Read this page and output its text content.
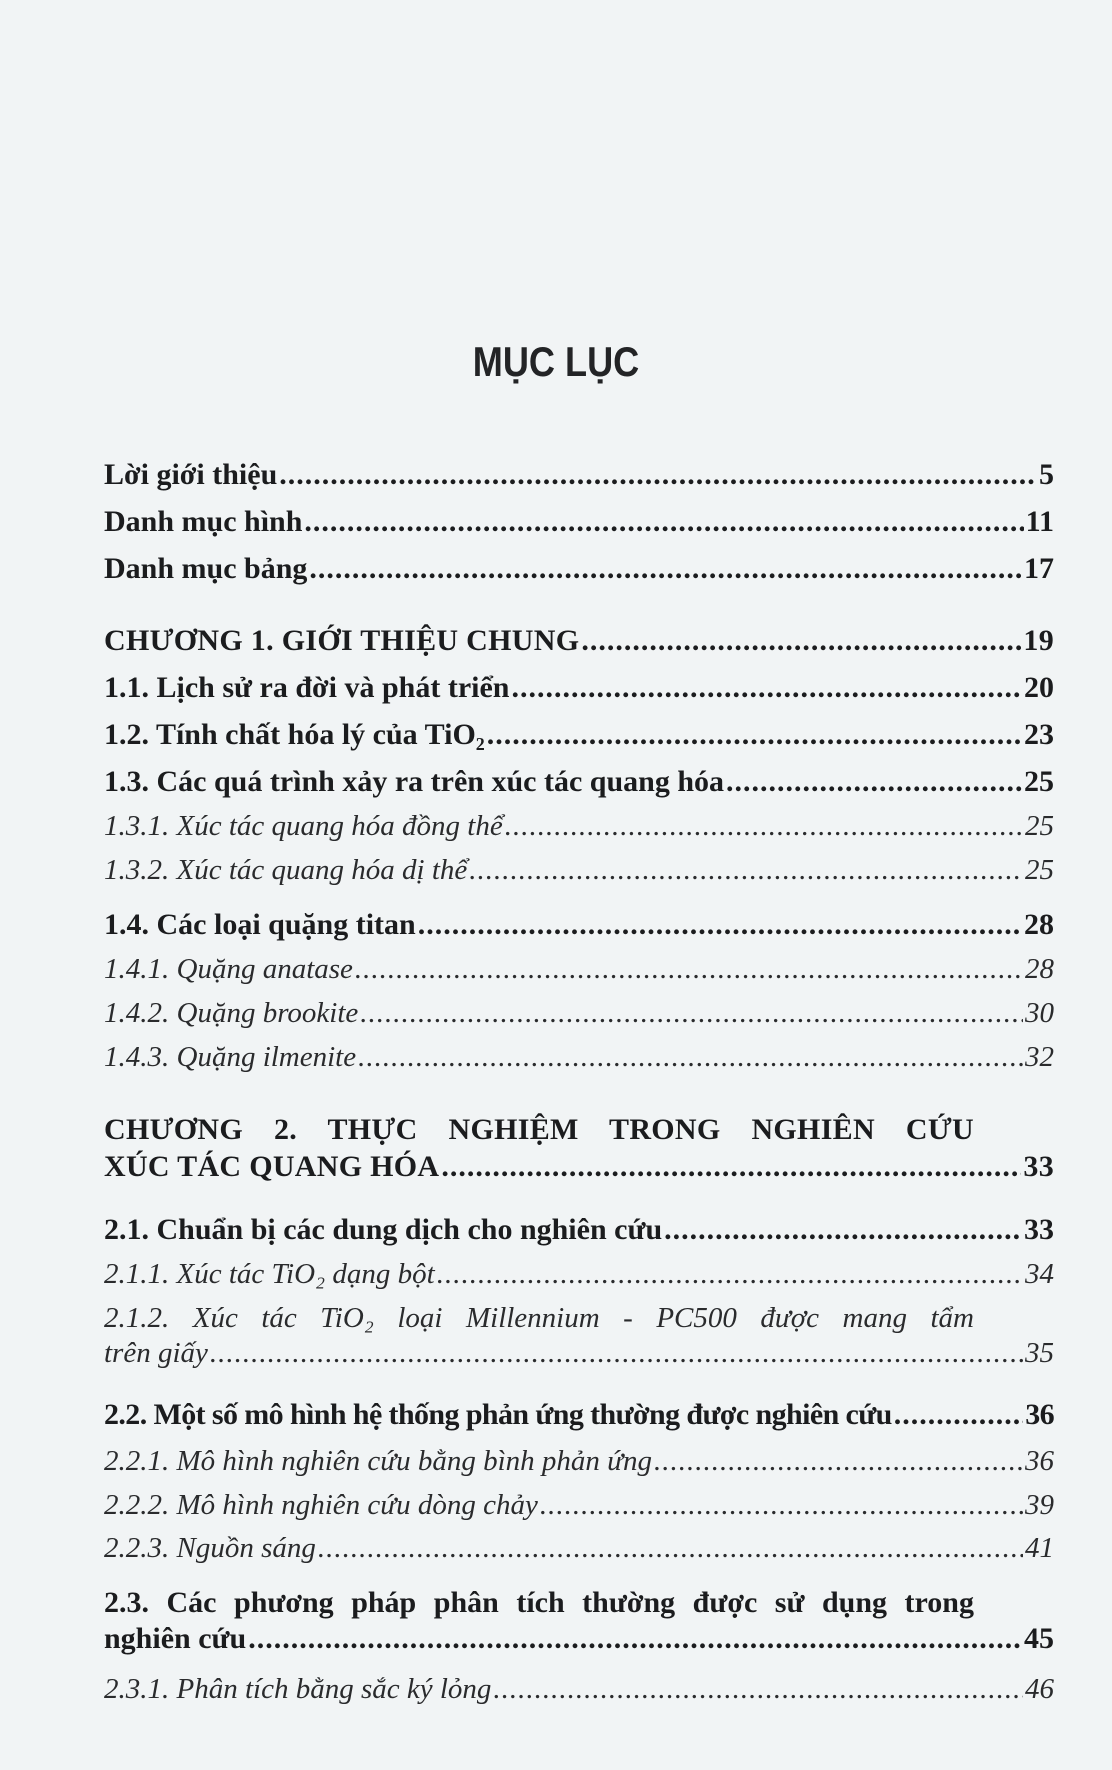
MỤC LỤC
Lời giới thiệu .....	5
Danh mục hình .....	11
Danh mục bảng .....	17
CHƯƠNG 1. GIỚI THIỆU CHUNG .....	19
1.1. Lịch sử ra đời và phát triển .....	20
1.2. Tính chất hóa lý của TiO₂ .....	23
1.3. Các quá trình xảy ra trên xúc tác quang hóa .....	25
1.3.1. Xúc tác quang hóa đồng thể .....	25
1.3.2. Xúc tác quang hóa dị thể .....	25
1.4. Các loại quặng titan .....	28
1.4.1. Quặng anatase .....	28
1.4.2. Quặng brookite .....	30
1.4.3. Quặng ilmenite .....	32
CHƯƠNG 2. THỰC NGHIỆM TRONG NGHIÊN CỨU
XÚC TÁC QUANG HÓA .....	33
2.1. Chuẩn bị các dung dịch cho nghiên cứu .....	33
2.1.1. Xúc tác TiO₂ dạng bột .....	34
2.1.2. Xúc tác TiO₂ loại Millennium - PC500 được mang tẩm
trên giấy .....	35
2.2. Một số mô hình hệ thống phản ứng thường được nghiên cứu .....	36
2.2.1. Mô hình nghiên cứu bằng bình phản ứng .....	36
2.2.2. Mô hình nghiên cứu dòng chảy .....	39
2.2.3. Nguồn sáng .....	41
2.3. Các phương pháp phân tích thường được sử dụng trong
nghiên cứu .....	45
2.3.1. Phân tích bằng sắc ký lỏng .....	46
